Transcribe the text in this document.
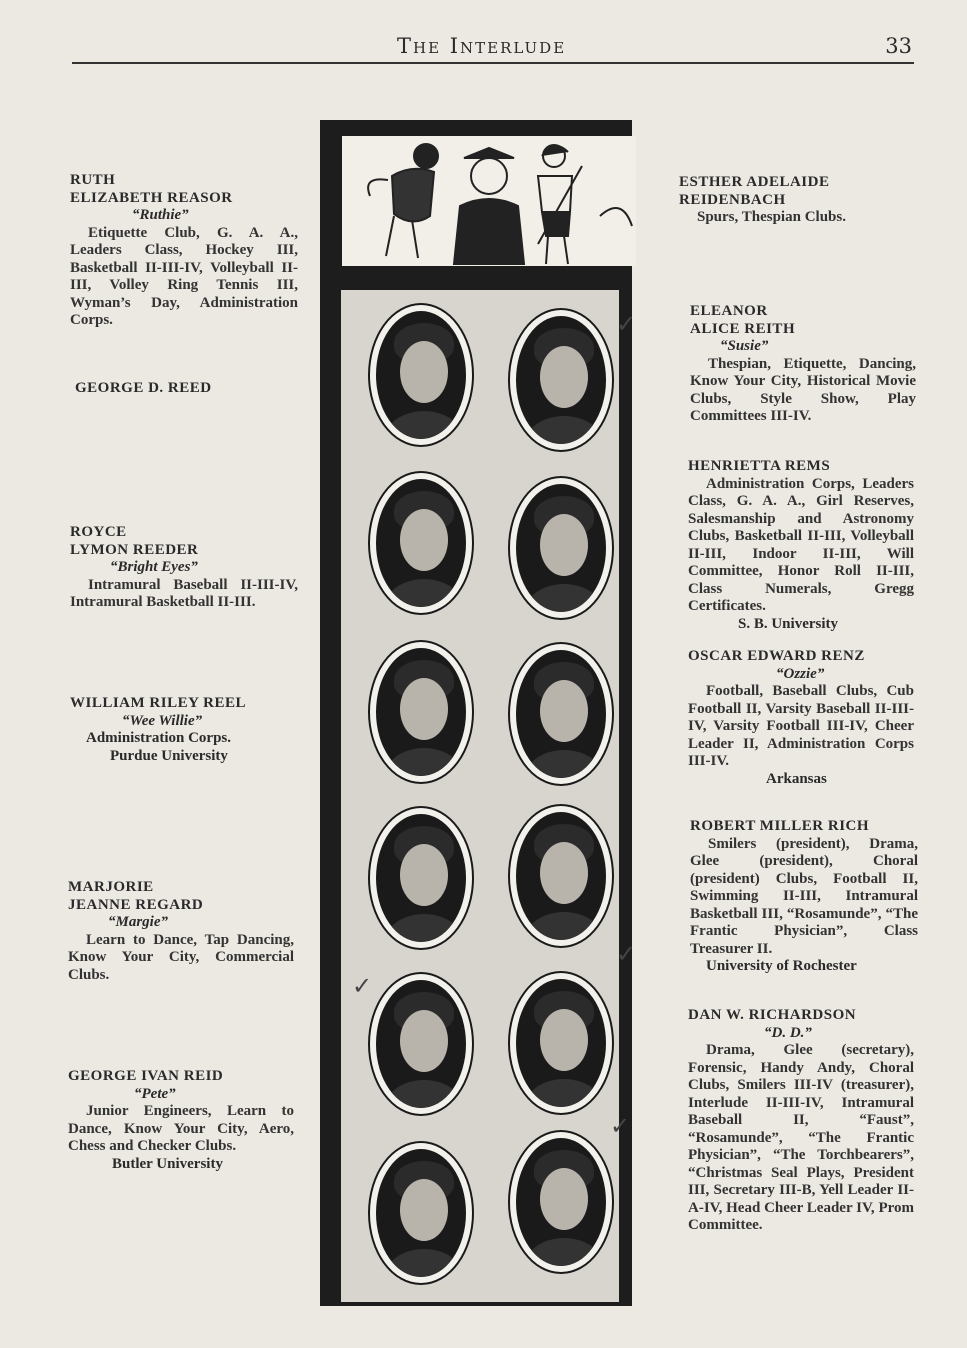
The Interlude	33
RUTH
ELIZABETH REASOR
“Ruthie”
Etiquette Club, G. A. A., Leaders Class, Hockey III, Basketball II-III-IV, Volleyball II-III, Volley Ring Tennis III, Wyman’s Day, Administration Corps.
GEORGE D. REED
ROYCE
LYMON REEDER
“Bright Eyes”
Intramural Baseball II-III-IV, Intramural Basketball II-III.
WILLIAM RILEY REEL
“Wee Willie”
Administration Corps.
Purdue University
MARJORIE
JEANNE REGARD
“Margie”
Learn to Dance, Tap Dancing, Know Your City, Commercial Clubs.
GEORGE IVAN REID
“Pete”
Junior Engineers, Learn to Dance, Know Your City, Aero, Chess and Checker Clubs.
Butler University
✓
✓
✓
✓
ESTHER ADELAIDE
REIDENBACH
Spurs, Thespian Clubs.
ELEANOR
ALICE REITH
“Susie”
Thespian, Etiquette, Dancing, Know Your City, Historical Movie Clubs, Style Show, Play Committees III-IV.
HENRIETTA REMS
Administration Corps, Leaders Class, G. A. A., Girl Reserves, Salesmanship and Astronomy Clubs, Basketball II-III, Volleyball II-III, Indoor II-III, Will Committee, Honor Roll II-III, Class Numerals, Gregg Certificates.
S. B. University
OSCAR EDWARD RENZ
“Ozzie”
Football, Baseball Clubs, Cub Football II, Varsity Baseball II-III-IV, Varsity Football III-IV, Cheer Leader II, Administration Corps III-IV.
Arkansas
ROBERT MILLER RICH
Smilers (president), Drama, Glee (president), Choral (president) Clubs, Football II, Swimming II-III, Intramural Basketball III, “Rosamunde”, “The Frantic Physician”, Class Treasurer II.
University of Rochester
DAN W. RICHARDSON
“D. D.”
Drama, Glee (secretary), Forensic, Handy Andy, Choral Clubs, Smilers III-IV (treasurer), Interlude II-III-IV, Intramural Baseball II, “Faust”, “Rosamunde”, “The Frantic Physician”, “The Torchbearers”, “Christmas Seal Plays, President III, Secretary III-B, Yell Leader II-A-IV, Head Cheer Leader IV, Prom Committee.
